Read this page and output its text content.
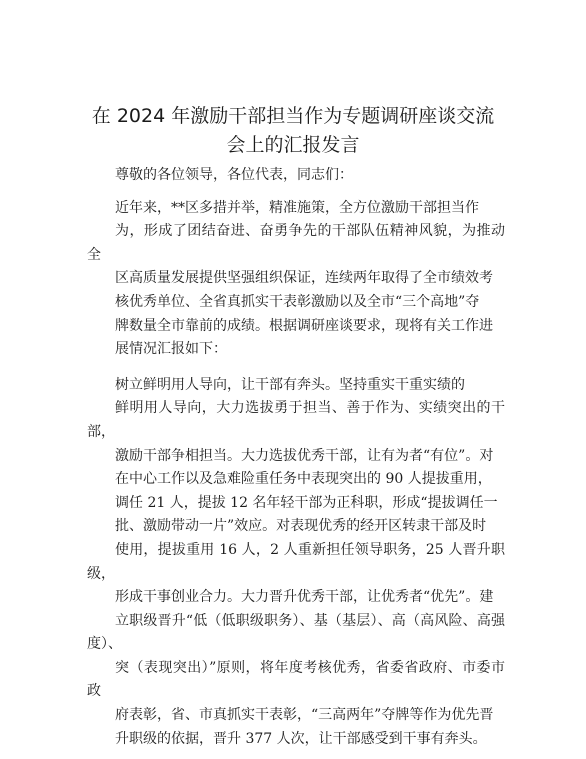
在 2024 年激励干部担当作为专题调研座谈交流
会上的汇报发言

尊敬的各位领导，各位代表，同志们：

近年来，**区多措并举，精准施策，全方位激励干部担当作
为，形成了团结奋进、奋勇争先的干部队伍精神风貌，为推动全
区高质量发展提供坚强组织保证，连续两年取得了全市绩效考
核优秀单位、全省真抓实干表彰激励以及全市“三个高地”夺
牌数量全市靠前的成绩。根据调研座谈要求，现将有关工作进
展情况汇报如下：

树立鲜明用人导向，让干部有奔头。坚持重实干重实绩的
鲜明用人导向，大力选拔勇于担当、善于作为、实绩突出的干部，
激励干部争相担当。大力选拔优秀干部，让有为者“有位”。对
在中心工作以及急难险重任务中表现突出的 90 人提拔重用，
调任 21 人，提拔 12 名年轻干部为正科职，形成“提拔调任一
批、激励带动一片”效应。对表现优秀的经开区转隶干部及时
使用，提拔重用 16 人，2 人重新担任领导职务，25 人晋升职级，
形成干事创业合力。大力晋升优秀干部，让优秀者“优先”。建
立职级晋升“低（低职级职务）、基（基层）、高（高风险、高强度）、
突（表现突出）”原则，将年度考核优秀，省委省政府、市委市政
府表彰，省、市真抓实干表彰，“三高两年”夺牌等作为优先晋
升职级的依据，晋升 377 人次，让干部感受到干事有奔头。
